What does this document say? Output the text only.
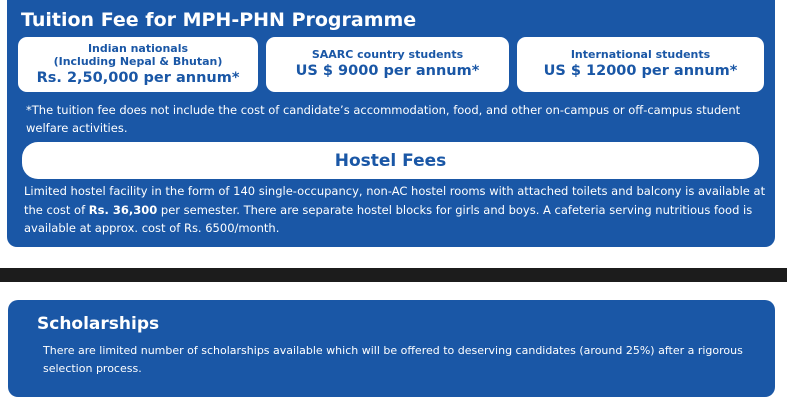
Tuition Fee for MPH-PHN Programme
Indian nationals
(Including Nepal & Bhutan)
Rs. 2,50,000 per annum*
SAARC country students
US $ 9000 per annum*
International students
US $ 12000 per annum*
*The tuition fee does not include the cost of candidate’s accommodation, food, and other on-campus or off-campus student welfare activities.
Hostel Fees
Limited hostel facility in the form of 140 single-occupancy, non-AC hostel rooms with attached toilets and balcony is available at the cost of Rs. 36,300 per semester. There are separate hostel blocks for girls and boys. A cafeteria serving nutritious food is available at approx. cost of Rs. 6500/month.
Scholarships
There are limited number of scholarships available which will be offered to deserving candidates (around 25%) after a rigorous selection process.
